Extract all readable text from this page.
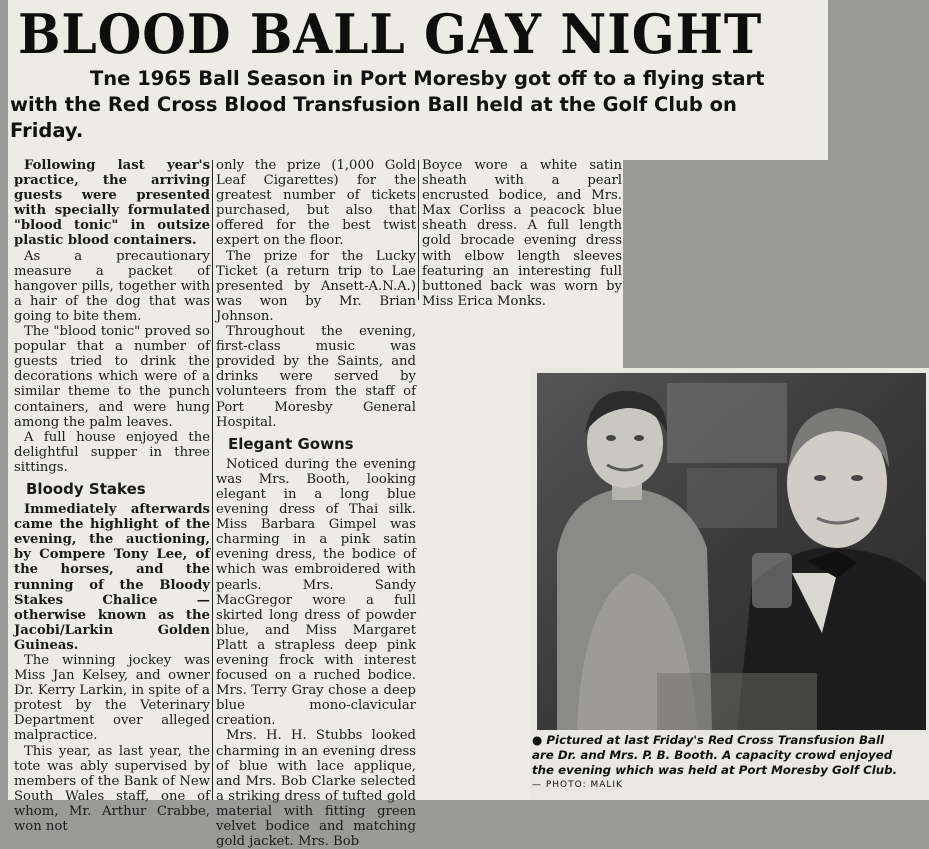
BLOOD BALL GAY NIGHT
Tne 1965 Ball Season in Port Moresby got off to a flying start
with the Red Cross Blood Transfusion Ball held at the Golf Club on
Friday.

Following last year's practice, the arriving guests were presented with specially formulated "blood tonic" in outsize plastic blood containers.

As a precautionary measure a packet of hangover pills, together with a hair of the dog that was going to bite them.

The "blood tonic" proved so popular that a number of guests tried to drink the decorations which were of a similar theme to the punch containers, and were hung among the palm leaves.

A full house enjoyed the delightful supper in three sittings.

Bloody Stakes

Immediately afterwards came the highlight of the evening, the auctioning, by Compere Tony Lee, of the horses, and the running of the Bloody Stakes Chalice — otherwise known as the Jacobi/Larkin Golden Guineas.

The winning jockey was Miss Jan Kelsey, and owner Dr. Kerry Larkin, in spite of a protest by the Veterinary Department over alleged malpractice.

This year, as last year, the tote was ably supervised by members of the Bank of New South Wales staff, one of whom, Mr. Arthur Crabbe, won not

only the prize (1,000 Gold Leaf Cigarettes) for the greatest number of tickets purchased, but also that offered for the best twist expert on the floor.

The prize for the Lucky Ticket (a return trip to Lae presented by Ansett-A.N.A.) was won by Mr. Brian Johnson.

Throughout the evening, first-class music was provided by the Saints, and drinks were served by volunteers from the staff of Port Moresby General Hospital.

Elegant Gowns

Noticed during the evening was Mrs. Booth, looking elegant in a long blue evening dress of Thai silk. Miss Barbara Gimpel was charming in a pink satin evening dress, the bodice of which was embroidered with pearls. Mrs. Sandy MacGregor wore a full skirted long dress of powder blue, and Miss Margaret Platt a strapless deep pink evening frock with interest focused on a ruched bodice. Mrs. Terry Gray chose a deep blue mono-clavicular creation.

Mrs. H. H. Stubbs looked charming in an evening dress of blue with lace applique, and Mrs. Bob Clarke selected a striking dress of tufted gold material with fitting green velvet bodice and matching gold jacket. Mrs. Bob

Boyce wore a white satin sheath with a pearl encrusted bodice, and Mrs. Max Corliss a peacock blue sheath dress. A full length gold brocade evening dress with elbow length sleeves featuring an interesting full buttoned back was worn by Miss Erica Monks.

● Pictured at last Friday's Red Cross Transfusion Ball
are Dr. and Mrs. P. B. Booth. A capacity crowd enjoyed
the evening which was held at Port Moresby Golf Club.
— PHOTO: MALIK
